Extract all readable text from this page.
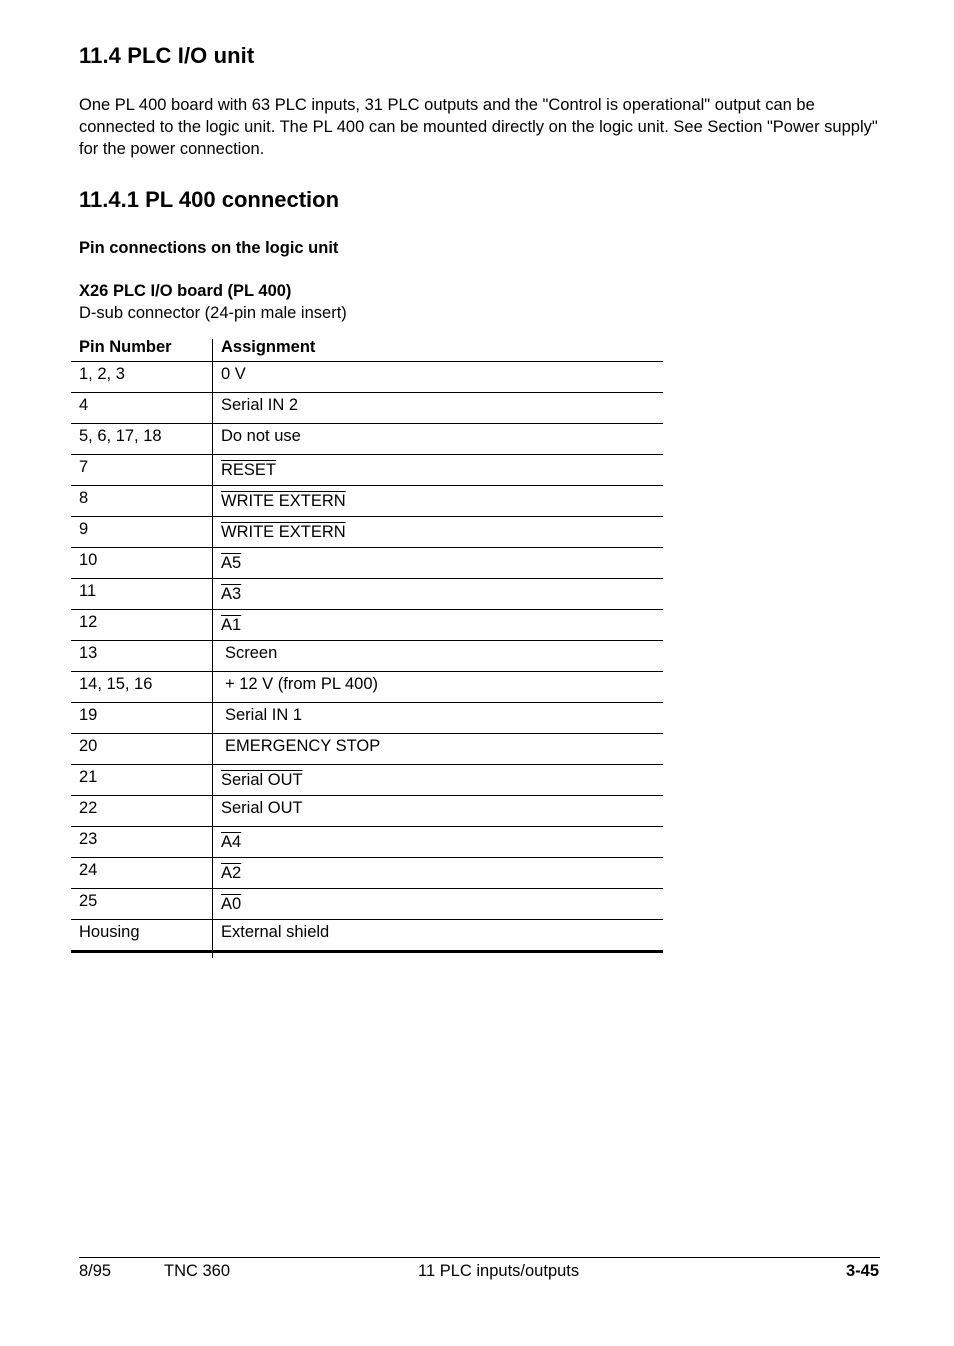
11.4 PLC I/O unit

One PL 400 board with 63 PLC inputs, 31 PLC outputs and the "Control is operational" output can be connected to the logic unit. The PL 400 can be mounted directly on the logic unit. See Section "Power supply" for the power connection.

11.4.1 PL 400 connection

Pin connections on the logic unit

X26 PLC I/O board (PL 400)

D-sub connector (24-pin male insert)

Pin Number	Assignment
1, 2, 3	0 V
4	Serial IN 2
5, 6, 17, 18	Do not use
7	RESET
8	WRITE EXTERN
9	WRITE EXTERN
10	A5
11	A3
12	A1
13	Screen
14, 15, 16	+ 12 V (from PL 400)
19	Serial IN 1
20	EMERGENCY STOP
21	Serial OUT
22	Serial OUT
23	A4
24	A2
25	A0
Housing	External shield

8/95	TNC 360	11 PLC inputs/outputs	3-45
